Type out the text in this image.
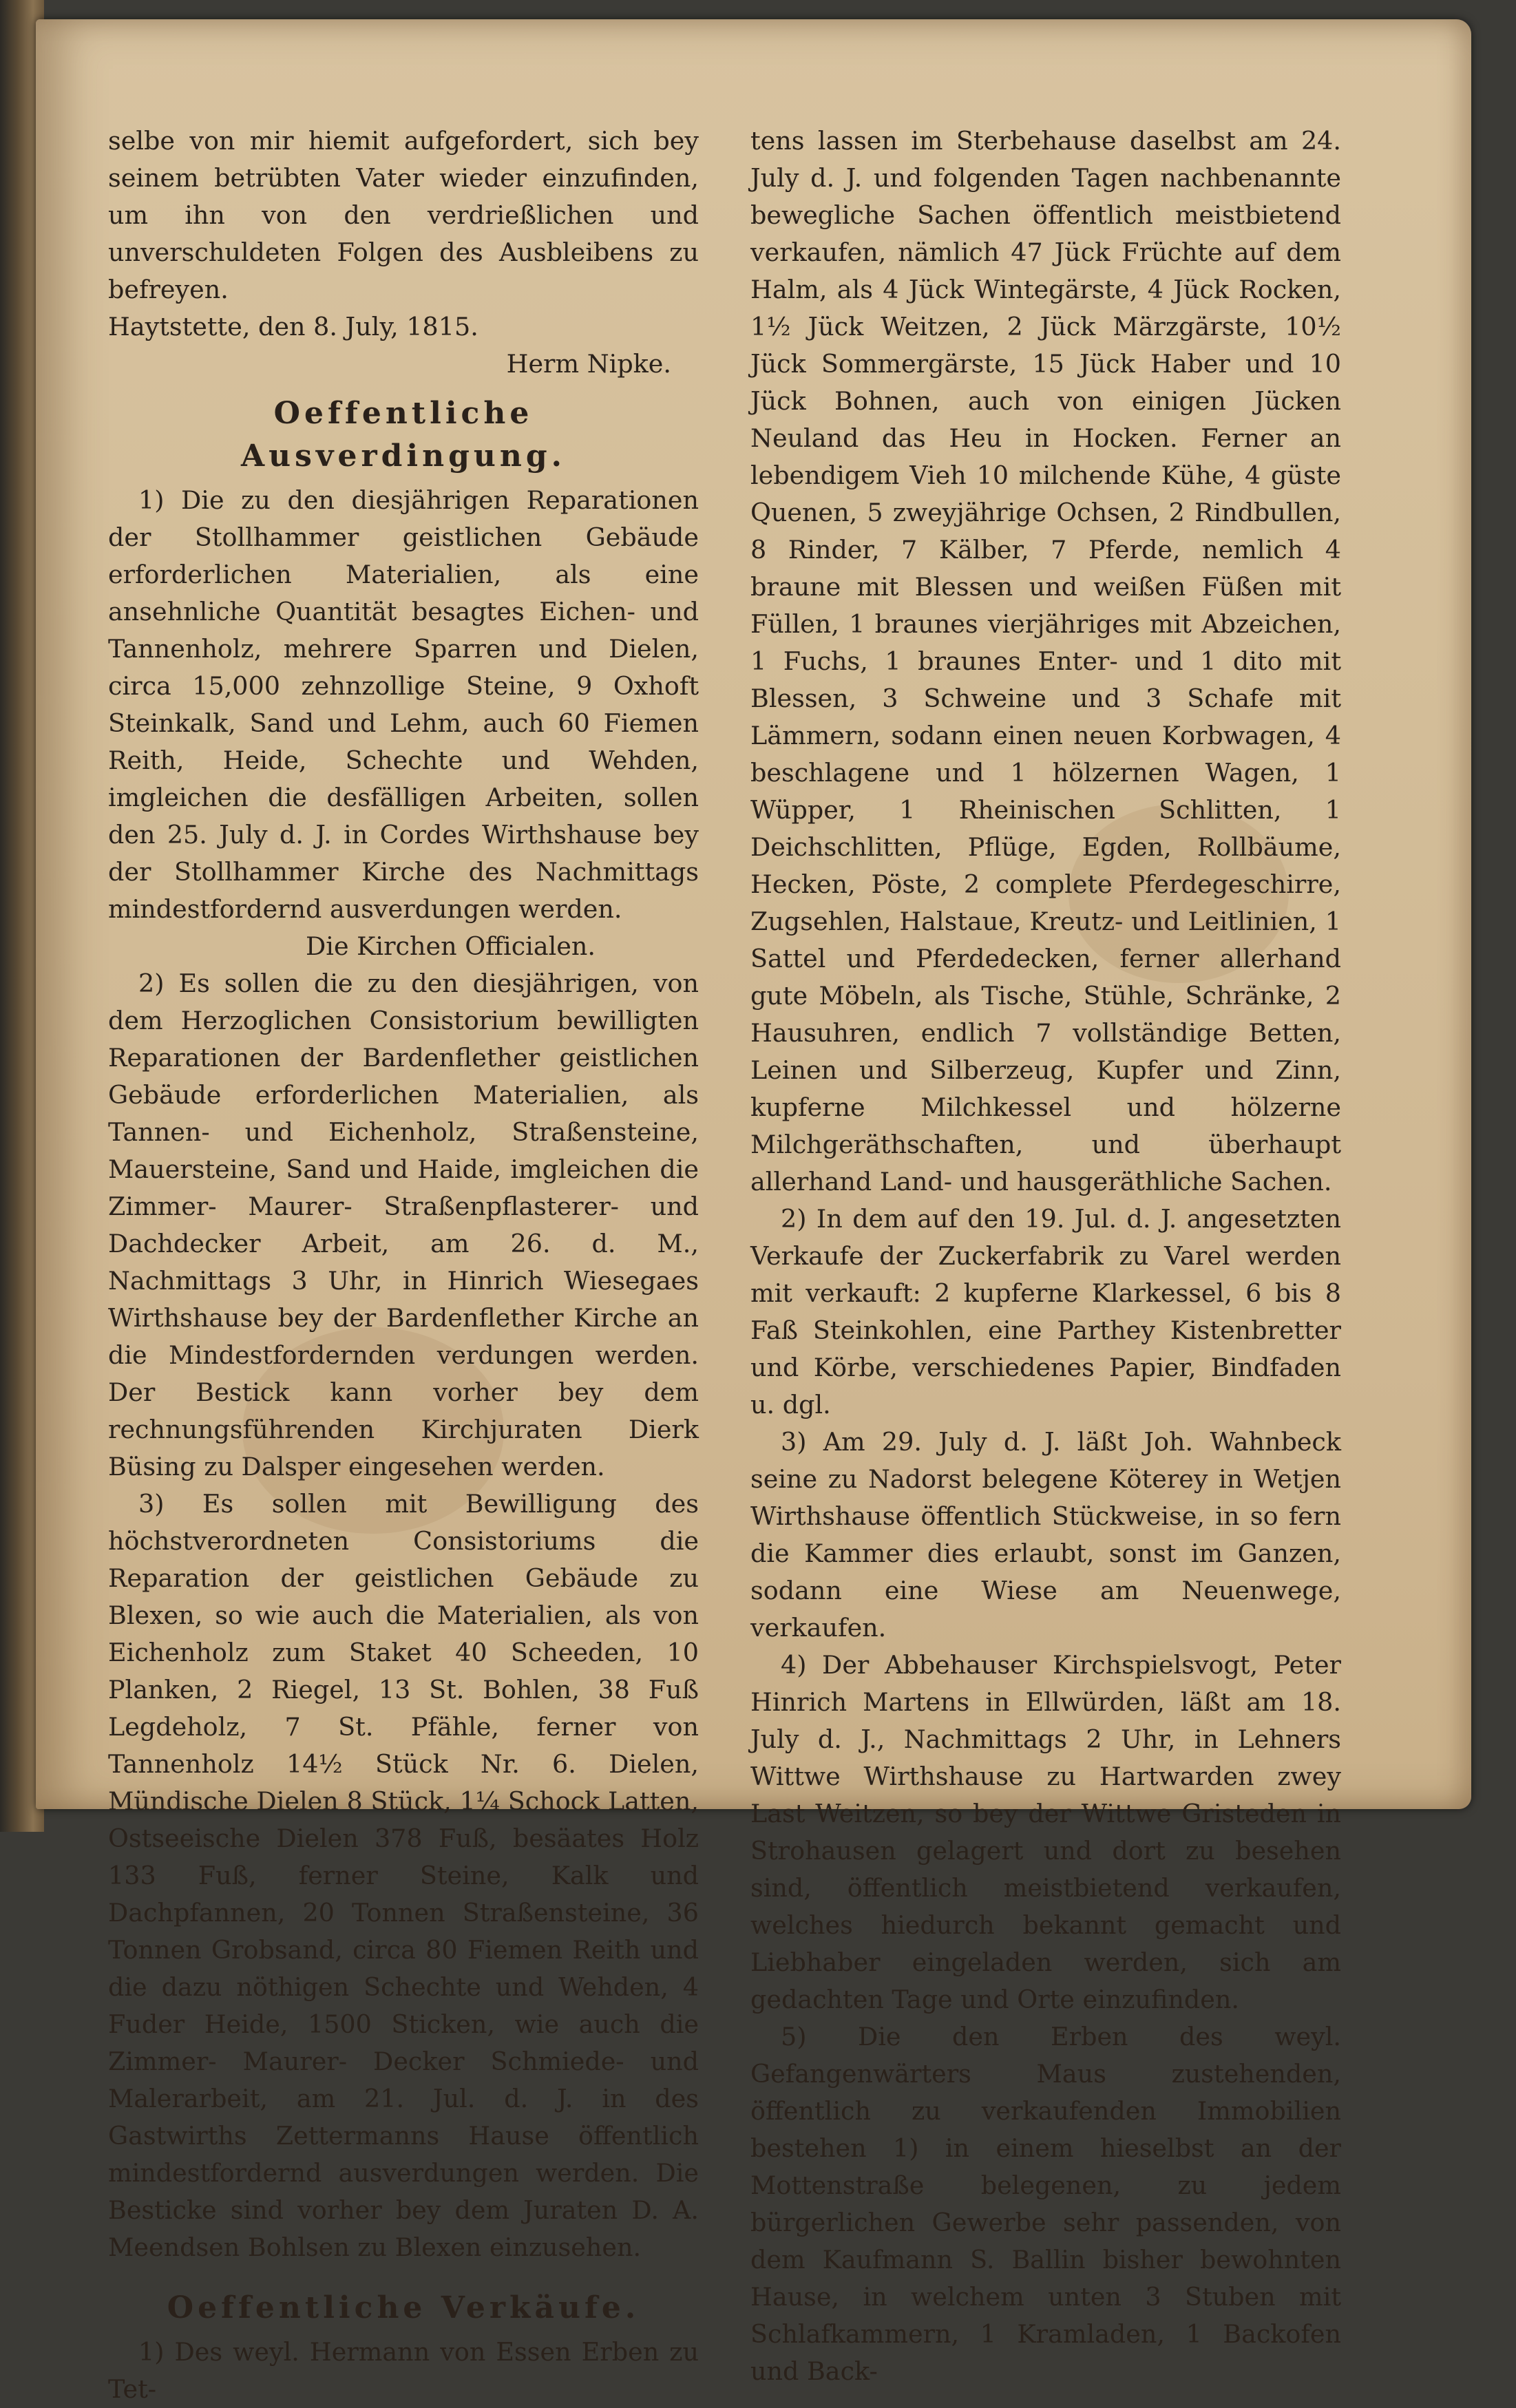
selbe von mir hiemit aufgefordert, sich bey seinem betrübten Vater wieder einzufinden, um ihn von den verdrießlichen und unverschuldeten Folgen des Ausbleibens zu befreyen.

Haytstette, den 8. July, 1815.

Herm Nipke.

Oeffentliche Ausverdingung.

1) Die zu den diesjährigen Reparationen der Stollhammer geistlichen Gebäude erforderlichen Materialien, als eine ansehnliche Quantität besagtes Eichen- und Tannenholz, mehrere Sparren und Dielen, circa 15,000 zehnzollige Steine, 9 Oxhoft Steinkalk, Sand und Lehm, auch 60 Fiemen Reith, Heide, Schechte und Wehden, imgleichen die desfälligen Arbeiten, sollen den 25. July d. J. in Cordes Wirthshause bey der Stollhammer Kirche des Nachmittags mindestfordernd ausverdungen werden.

Die Kirchen Officialen.

2) Es sollen die zu den diesjährigen, von dem Herzoglichen Consistorium bewilligten Reparationen der Bardenflether geistlichen Gebäude erforderlichen Materialien, als Tannen- und Eichenholz, Straßensteine, Mauersteine, Sand und Haide, imgleichen die Zimmer- Maurer- Straßenpflasterer- und Dachdecker Arbeit, am 26. d. M., Nachmittags 3 Uhr, in Hinrich Wiesegaes Wirthshause bey der Bardenflether Kirche an die Mindestfordernden verdungen werden. Der Bestick kann vorher bey dem rechnungsführenden Kirchjuraten Dierk Büsing zu Dalsper eingesehen werden.

3) Es sollen mit Bewilligung des höchstverordneten Consistoriums die Reparation der geistlichen Gebäude zu Blexen, so wie auch die Materialien, als von Eichenholz zum Staket 40 Scheeden, 10 Planken, 2 Riegel, 13 St. Bohlen, 38 Fuß Legdeholz, 7 St. Pfähle, ferner von Tannenholz 14½ Stück Nr. 6. Dielen, Mündische Dielen 8 Stück, 1¼ Schock Latten, Ostseeische Dielen 378 Fuß, besäates Holz 133 Fuß, ferner Steine, Kalk und Dachpfannen, 20 Tonnen Straßensteine, 36 Tonnen Grobsand, circa 80 Fiemen Reith und die dazu nöthigen Schechte und Wehden, 4 Fuder Heide, 1500 Sticken, wie auch die Zimmer- Maurer- Decker Schmiede- und Malerarbeit, am 21. Jul. d. J. in des Gastwirths Zettermanns Hause öffentlich mindestfordernd ausverdungen werden. Die Besticke sind vorher bey dem Juraten D. A. Meendsen Bohlsen zu Blexen einzusehen.

Oeffentliche Verkäufe.

1) Des weyl. Hermann von Essen Erben zu Tet-

tens lassen im Sterbehause daselbst am 24. July d. J. und folgenden Tagen nachbenannte bewegliche Sachen öffentlich meistbietend verkaufen, nämlich 47 Jück Früchte auf dem Halm, als 4 Jück Wintegärste, 4 Jück Rocken, 1½ Jück Weitzen, 2 Jück Märzgärste, 10½ Jück Sommergärste, 15 Jück Haber und 10 Jück Bohnen, auch von einigen Jücken Neuland das Heu in Hocken. Ferner an lebendigem Vieh 10 milchende Kühe, 4 güste Quenen, 5 zweyjährige Ochsen, 2 Rindbullen, 8 Rinder, 7 Kälber, 7 Pferde, nemlich 4 braune mit Blessen und weißen Füßen mit Füllen, 1 braunes vierjähriges mit Abzeichen, 1 Fuchs, 1 braunes Enter- und 1 dito mit Blessen, 3 Schweine und 3 Schafe mit Lämmern, sodann einen neuen Korbwagen, 4 beschlagene und 1 hölzernen Wagen, 1 Wüpper, 1 Rheinischen Schlitten, 1 Deichschlitten, Pflüge, Egden, Rollbäume, Hecken, Pöste, 2 complete Pferdegeschirre, Zugsehlen, Halstaue, Kreutz- und Leitlinien, 1 Sattel und Pferdedecken, ferner allerhand gute Möbeln, als Tische, Stühle, Schränke, 2 Hausuhren, endlich 7 vollständige Betten, Leinen und Silberzeug, Kupfer und Zinn, kupferne Milchkessel und hölzerne Milchgeräthschaften, und überhaupt allerhand Land- und hausgeräthliche Sachen.

2) In dem auf den 19. Jul. d. J. angesetzten Verkaufe der Zuckerfabrik zu Varel werden mit verkauft: 2 kupferne Klarkessel, 6 bis 8 Faß Steinkohlen, eine Parthey Kistenbretter und Körbe, verschiedenes Papier, Bindfaden u. dgl.

3) Am 29. July d. J. läßt Joh. Wahnbeck seine zu Nadorst belegene Köterey in Wetjen Wirthshause öffentlich Stückweise, in so fern die Kammer dies erlaubt, sonst im Ganzen, sodann eine Wiese am Neuenwege, verkaufen.

4) Der Abbehauser Kirchspielsvogt, Peter Hinrich Martens in Ellwürden, läßt am 18. July d. J., Nachmittags 2 Uhr, in Lehners Wittwe Wirthshause zu Hartwarden zwey Last Weitzen, so bey der Wittwe Gristeden in Strohausen gelagert und dort zu besehen sind, öffentlich meistbietend verkaufen, welches hiedurch bekannt gemacht und Liebhaber eingeladen werden, sich am gedachten Tage und Orte einzufinden.

5) Die den Erben des weyl. Gefangenwärters Maus zustehenden, öffentlich zu verkaufenden Immobilien bestehen 1) in einem hieselbst an der Mottenstraße belegenen, zu jedem bürgerlichen Gewerbe sehr passenden, von dem Kaufmann S. Ballin bisher bewohnten Hause, in welchem unten 3 Stuben mit Schlafkammern, 1 Kramladen, 1 Backofen und Back-
